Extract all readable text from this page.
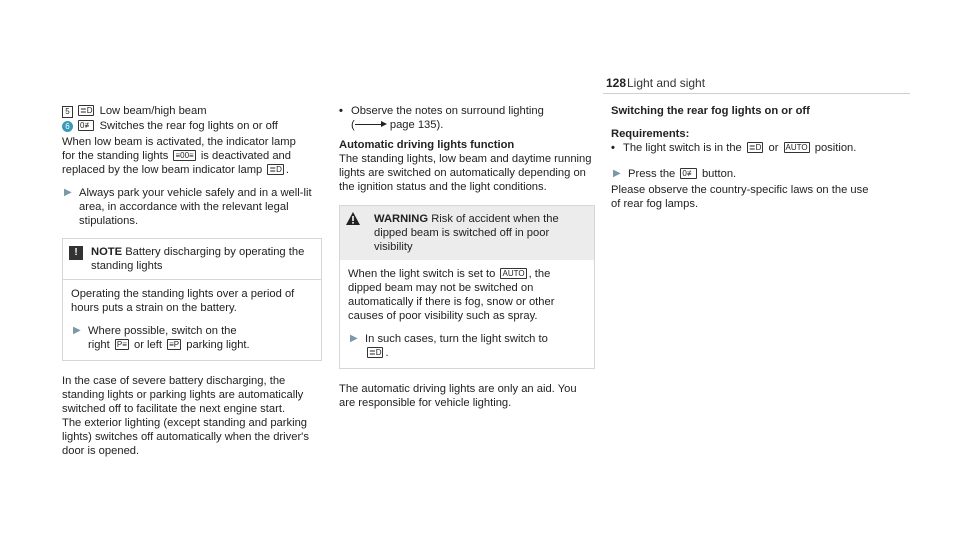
128 Light and sight
5	≣D Low beam/high beam
6	0≢ Switches the rear fog lights on or off

When low beam is activated, the indicator lamp
for the standing lights ≡00≡ is deactivated and
replaced by the low beam indicator lamp ≣D .

▶ Always park your vehicle safely and in a well-lit area, in accordance with the relevant legal stipulations.
!	NOTE Battery discharging by operating the standing lights

Operating the standing lights over a period of hours puts a strain on the battery.

▶ Where possible, switch on the
right P≡ or left ≡P parking light.

In the case of severe battery discharging, the standing lights or parking lights are automatically switched off to facilitate the next engine start.

The exterior lighting (except standing and parking lights) switches off automatically when the driver's door is opened.

• Observe the notes on surround lighting
(	page 135).

Automatic driving lights function

The standing lights, low beam and daytime running lights are switched on automatically depending on the ignition status and the light conditions.

WARNING Risk of accident when the dipped beam is switched off in poor visibility

When the light switch is set to AUTO , the dipped beam may not be switched on automatically if there is fog, snow or other causes of poor visibility such as spray.

▶ In such cases, turn the light switch to
≣D .

The automatic driving lights are only an aid. You are responsible for vehicle lighting.

Switching the rear fog lights on or off

Requirements:

• The light switch is in the ≣D or AUTO position.
▶ Press the 0≢ button.

Please observe the country-specific laws on the use of rear fog lamps.
